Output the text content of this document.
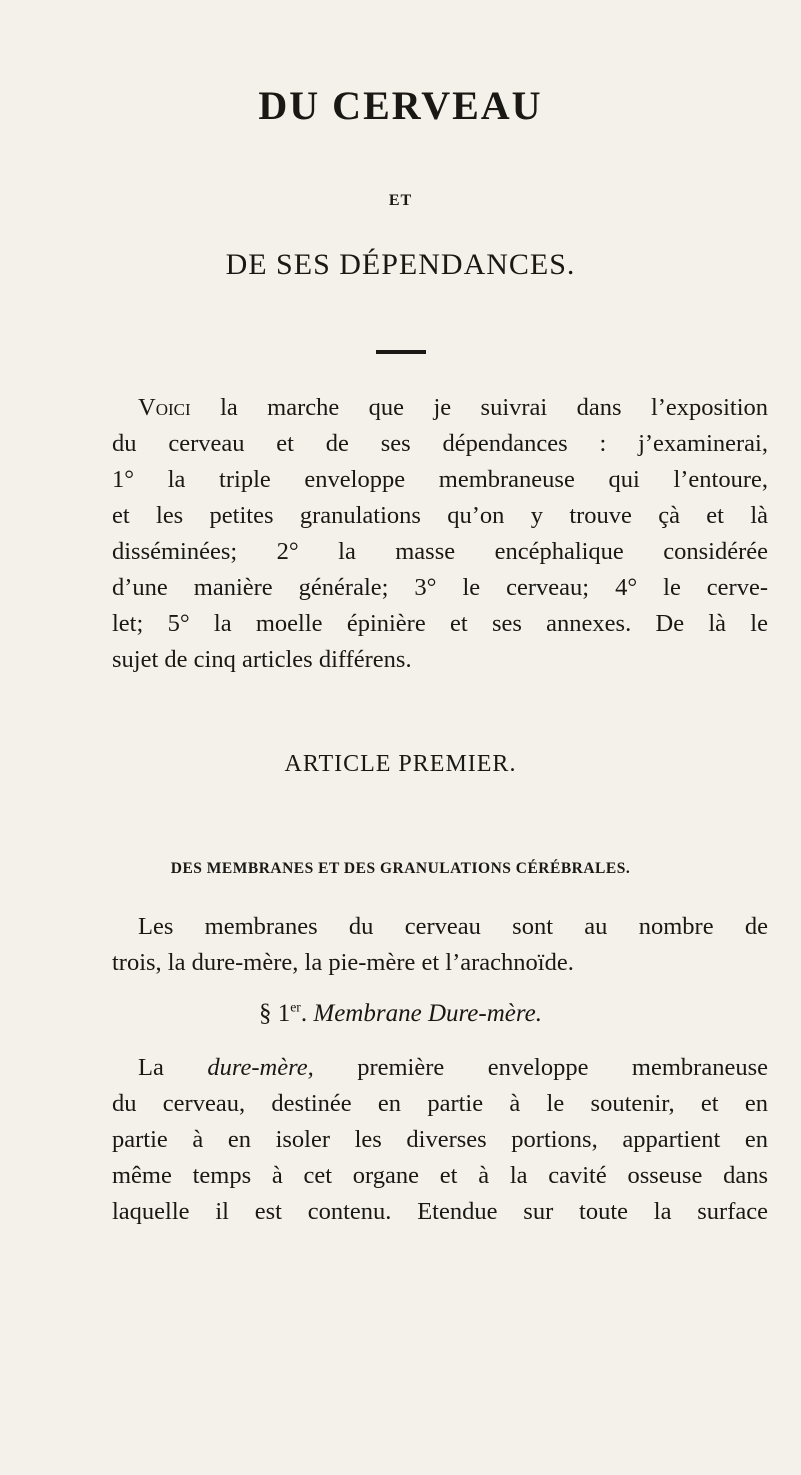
DU CERVEAU
ET
DE SES DÉPENDANCES.
Voici la marche que je suivrai dans l’exposition
du cerveau et de ses dépendances : j’examinerai,
1° la triple enveloppe membraneuse qui l’entoure,
et les petites granulations qu’on y trouve çà et là
disséminées; 2° la masse encéphalique considérée
d’une manière générale; 3° le cerveau; 4° le cerve-
let; 5° la moelle épinière et ses annexes. De là le
sujet de cinq articles différens.
ARTICLE PREMIER.
DES MEMBRANES ET DES GRANULATIONS CÉRÉBRALES.
Les membranes du cerveau sont au nombre de
trois, la dure-mère, la pie-mère et l’arachnoïde.
§ 1er. Membrane Dure-mère.
La dure-mère, première enveloppe membraneuse
du cerveau, destinée en partie à le soutenir, et en
partie à en isoler les diverses portions, appartient en
même temps à cet organe et à la cavité osseuse dans
laquelle il est contenu. Etendue sur toute la surface
